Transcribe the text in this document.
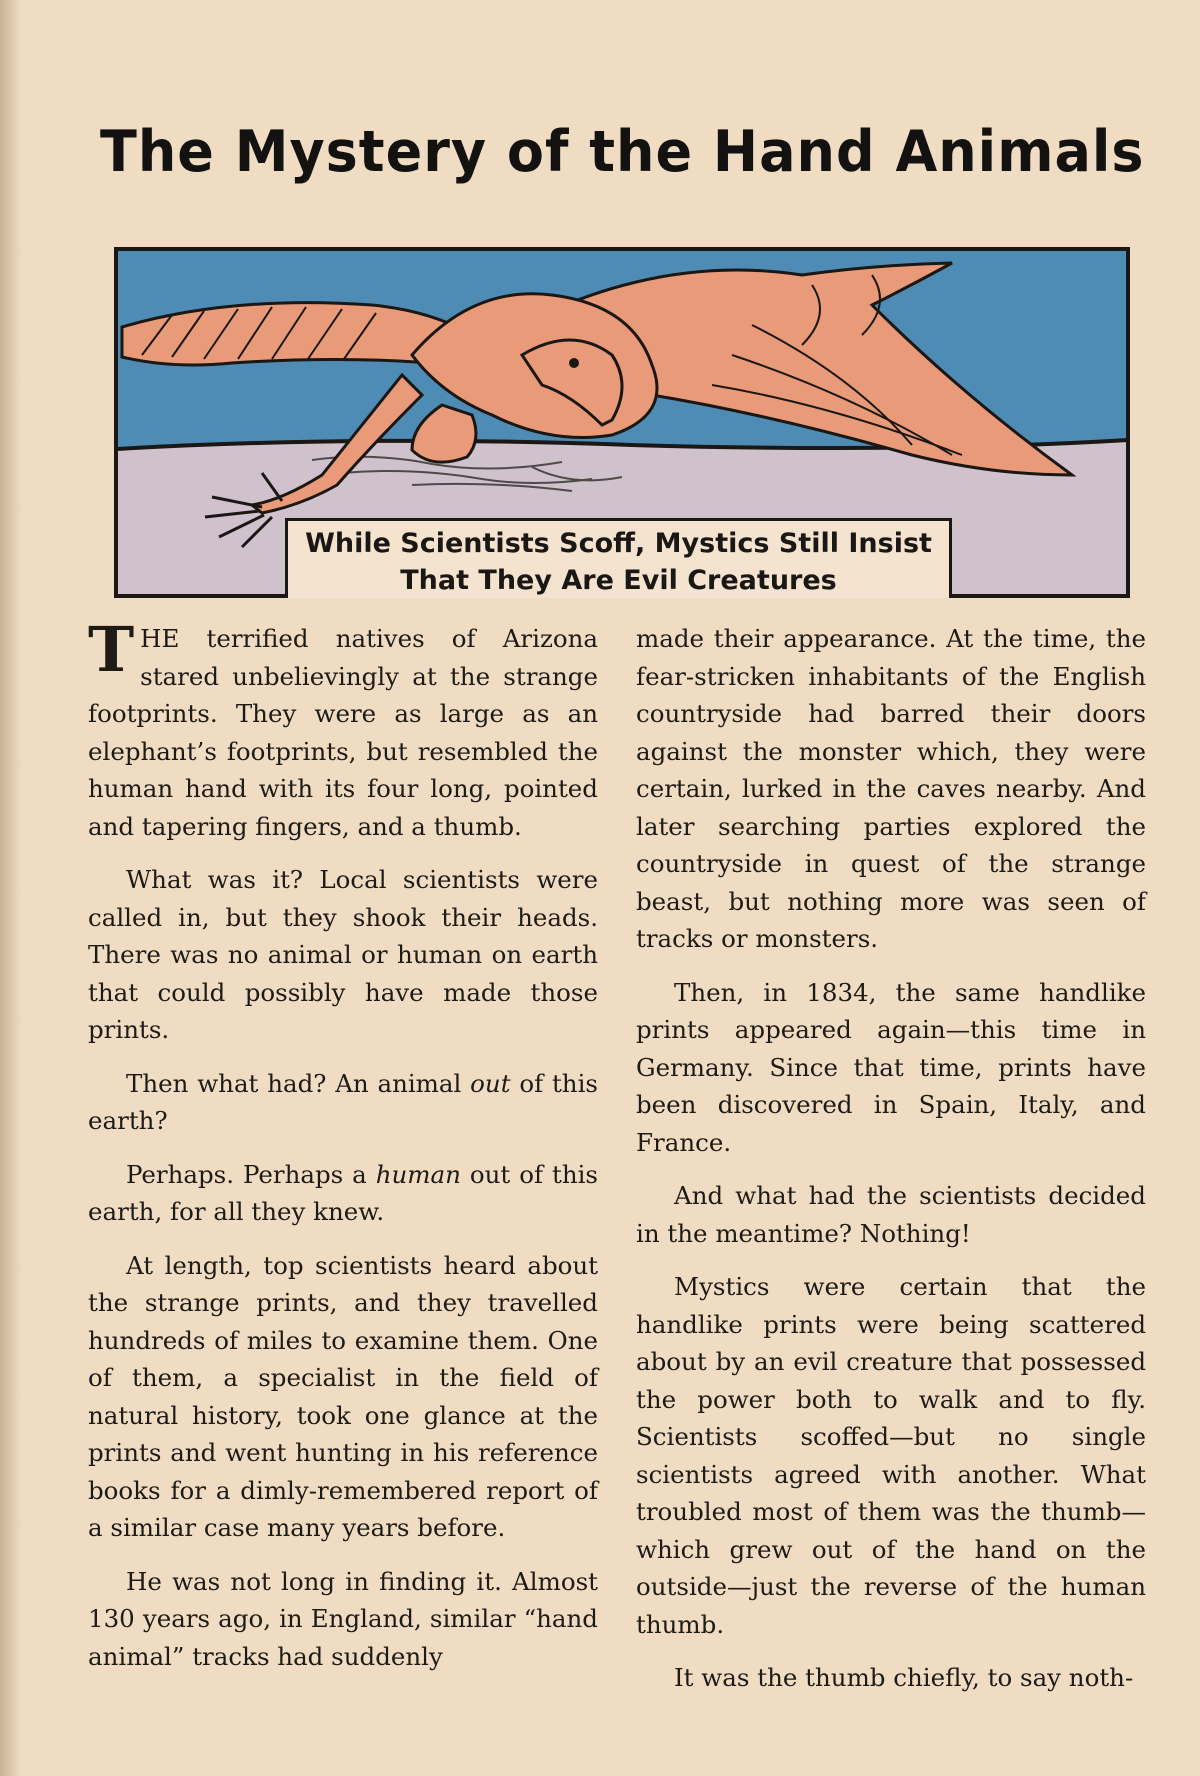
The Mystery of the Hand Animals
While Scientists Scoff, Mystics Still Insist
That They Are Evil Creatures

THE terrified natives of Arizona stared unbelievingly at the strange footprints. They were as large as an elephant’s footprints, but resembled the human hand with its four long, pointed and tapering fingers, and a thumb.

What was it? Local scientists were called in, but they shook their heads. There was no animal or human on earth that could possibly have made those prints.

Then what had? An animal out of this earth?

Perhaps. Perhaps a human out of this earth, for all they knew.

At length, top scientists heard about the strange prints, and they travelled hundreds of miles to examine them. One of them, a specialist in the field of natural history, took one glance at the prints and went hunting in his reference books for a dimly-remembered report of a similar case many years before.

He was not long in finding it. Almost 130 years ago, in England, similar “hand animal” tracks had suddenly

made their appearance. At the time, the fear-stricken inhabitants of the English countryside had barred their doors against the monster which, they were certain, lurked in the caves nearby. And later searching parties explored the countryside in quest of the strange beast, but nothing more was seen of tracks or monsters.

Then, in 1834, the same handlike prints appeared again—this time in Germany. Since that time, prints have been discovered in Spain, Italy, and France.

And what had the scientists decided in the meantime? Nothing!

Mystics were certain that the handlike prints were being scattered about by an evil creature that possessed the power both to walk and to fly. Scientists scoffed—but no single scientists agreed with another. What troubled most of them was the thumb—which grew out of the hand on the outside—just the reverse of the human thumb.

It was the thumb chiefly, to say noth-
